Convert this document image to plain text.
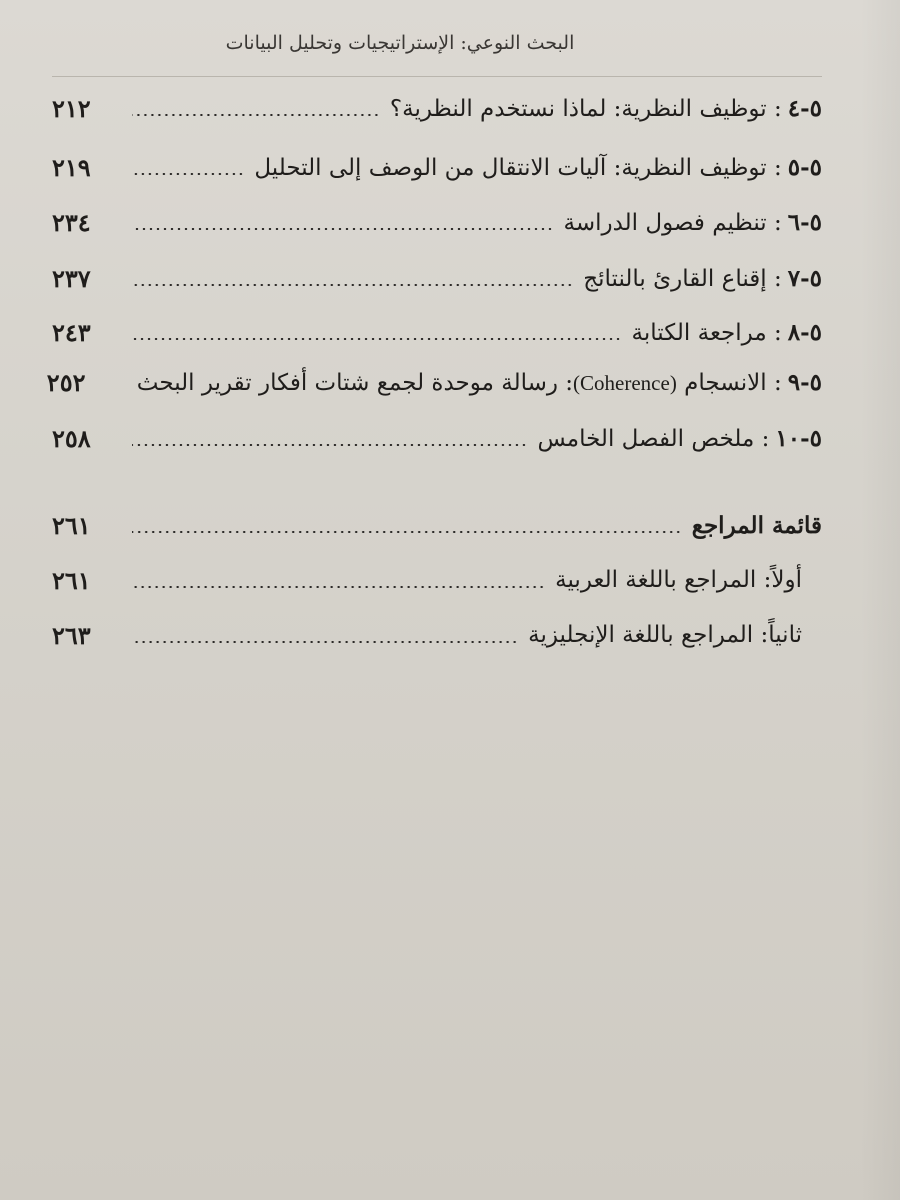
البحث النوعي: الإستراتيجيات وتحليل البيانات
٥-٤: توظيف النظرية: لماذا نستخدم النظرية؟
٢١٢
٥-٥: توظيف النظرية: آليات الانتقال من الوصف إلى التحليل
٢١٩
٥-٦: تنظيم فصول الدراسة
٢٣٤
٥-٧: إقناع القارئ بالنتائج
٢٣٧
٥-٨: مراجعة الكتابة
٢٤٣
٥-٩: الانسجام (Coherence): رسالة موحدة لجمع شتات أفكار تقرير البحث
٢٥٢
٥-١٠: ملخص الفصل الخامس
٢٥٨
قائمة المراجع
٢٦١
أولاً: المراجع باللغة العربية
٢٦١
ثانياً: المراجع باللغة الإنجليزية
٢٦٣
